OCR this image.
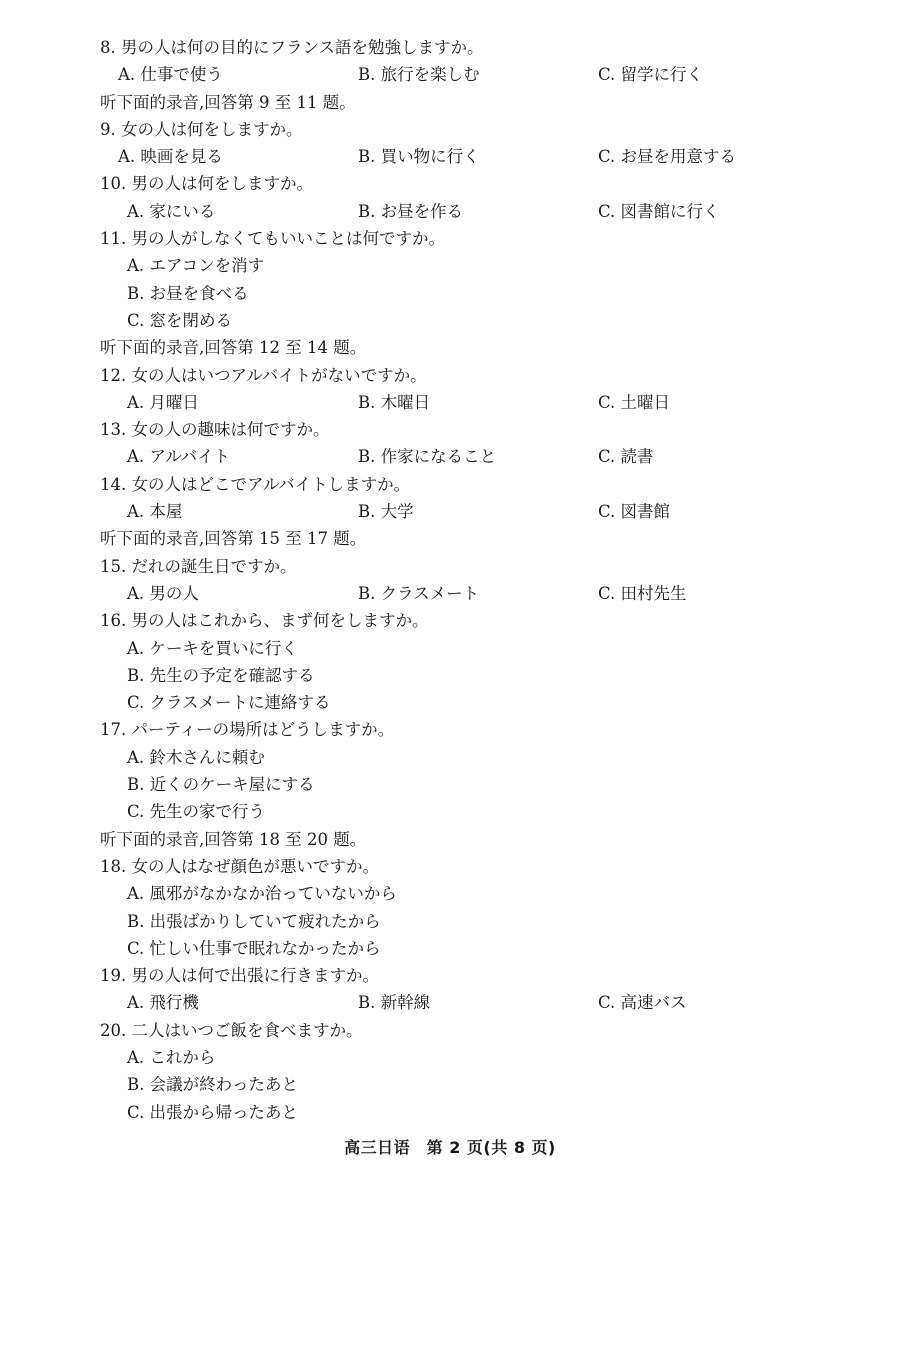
8. 男の人は何の目的にフランス語を勉強しますか。
A. 仕事で使う	B. 旅行を楽しむ	C. 留学に行く
听下面的录音,回答第 9 至 11 题。
9. 女の人は何をしますか。
A. 映画を見る	B. 買い物に行く	C. お昼を用意する
10. 男の人は何をしますか。
A. 家にいる	B. お昼を作る	C. 図書館に行く
11. 男の人がしなくてもいいことは何ですか。
A. エアコンを消す
B. お昼を食べる
C. 窓を閉める
听下面的录音,回答第 12 至 14 题。
12. 女の人はいつアルバイトがないですか。
A. 月曜日	B. 木曜日	C. 土曜日
13. 女の人の趣味は何ですか。
A. アルバイト	B. 作家になること	C. 読書
14. 女の人はどこでアルバイトしますか。
A. 本屋	B. 大学	C. 図書館
听下面的录音,回答第 15 至 17 题。
15. だれの誕生日ですか。
A. 男の人	B. クラスメート	C. 田村先生
16. 男の人はこれから、まず何をしますか。
A. ケーキを買いに行く
B. 先生の予定を確認する
C. クラスメートに連絡する
17. パーティーの場所はどうしますか。
A. 鈴木さんに頼む
B. 近くのケーキ屋にする
C. 先生の家で行う
听下面的录音,回答第 18 至 20 题。
18. 女の人はなぜ顔色が悪いですか。
A. 風邪がなかなか治っていないから
B. 出張ばかりしていて疲れたから
C. 忙しい仕事で眠れなかったから
19. 男の人は何で出張に行きますか。
A. 飛行機	B. 新幹線	C. 高速バス
20. 二人はいつご飯を食べますか。
A. これから
B. 会議が終わったあと
C. 出張から帰ったあと
高三日语　第 2 页(共 8 页)
